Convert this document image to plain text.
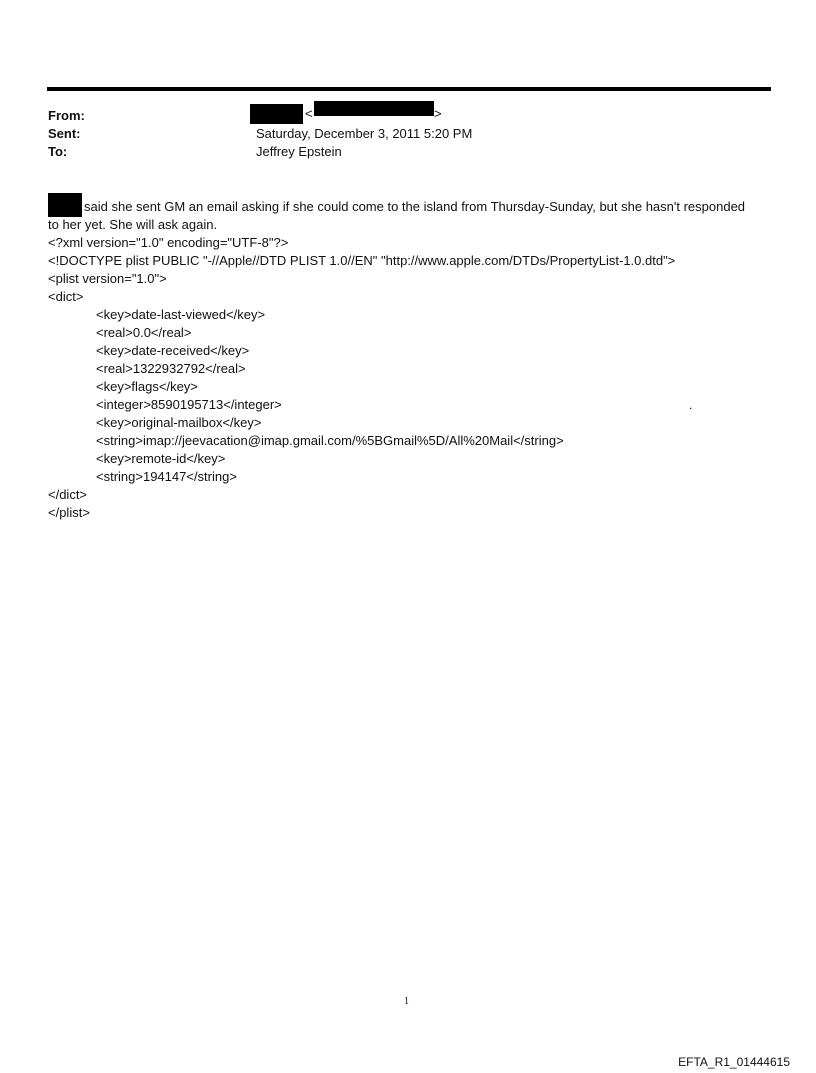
From:
Sent:
To:
<	>
Saturday, December 3, 2011 5:20 PM
Jeffrey Epstein
said she sent GM an email asking if she could come to the island from Thursday-Sunday, but she hasn't responded
to her yet. She will ask again.
<?xml version="1.0" encoding="UTF-8"?>
<!DOCTYPE plist PUBLIC "-//Apple//DTD PLIST 1.0//EN" "http://www.apple.com/DTDs/PropertyList-1.0.dtd">
<plist version="1.0">
<dict>
<key>date-last-viewed</key>
<real>0.0</real>
<key>date-received</key>
<real>1322932792</real>
<key>flags</key>
<integer>8590195713</integer>
<key>original-mailbox</key>
<string>imap://jeevacation@imap.gmail.com/%5BGmail%5D/All%20Mail</string>
<key>remote-id</key>
<string>194147</string>
</dict>
</plist>
.
1
EFTA_R1_01444615
